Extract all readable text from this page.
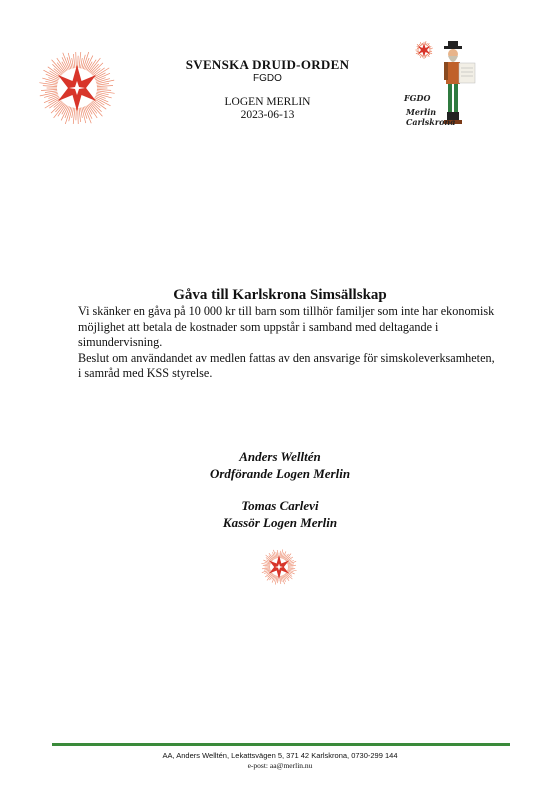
SVENSKA DRUID-ORDEN
FGDO
LOGEN MERLIN
2023-06-13
FGDO
Merlin
Carlskrona
Gåva till Karlskrona Simsällskap

Vi skänker en gåva på 10 000 kr till barn som tillhör familjer som inte har ekonomisk möjlighet att betala de kostnader som uppstår i samband med deltagande i simundervisning.

Beslut om användandet av medlen fattas av den ansvarige för simskoleverksamheten, i samråd med KSS styrelse.

Anders Welltén
Ordförande Logen Merlin
Tomas Carlevi
Kassör Logen Merlin
AA, Anders Welltén, Lekattsvägen 5, 371 42 Karlskrona, 0730-299 144
e-post: aa@merlin.nu
